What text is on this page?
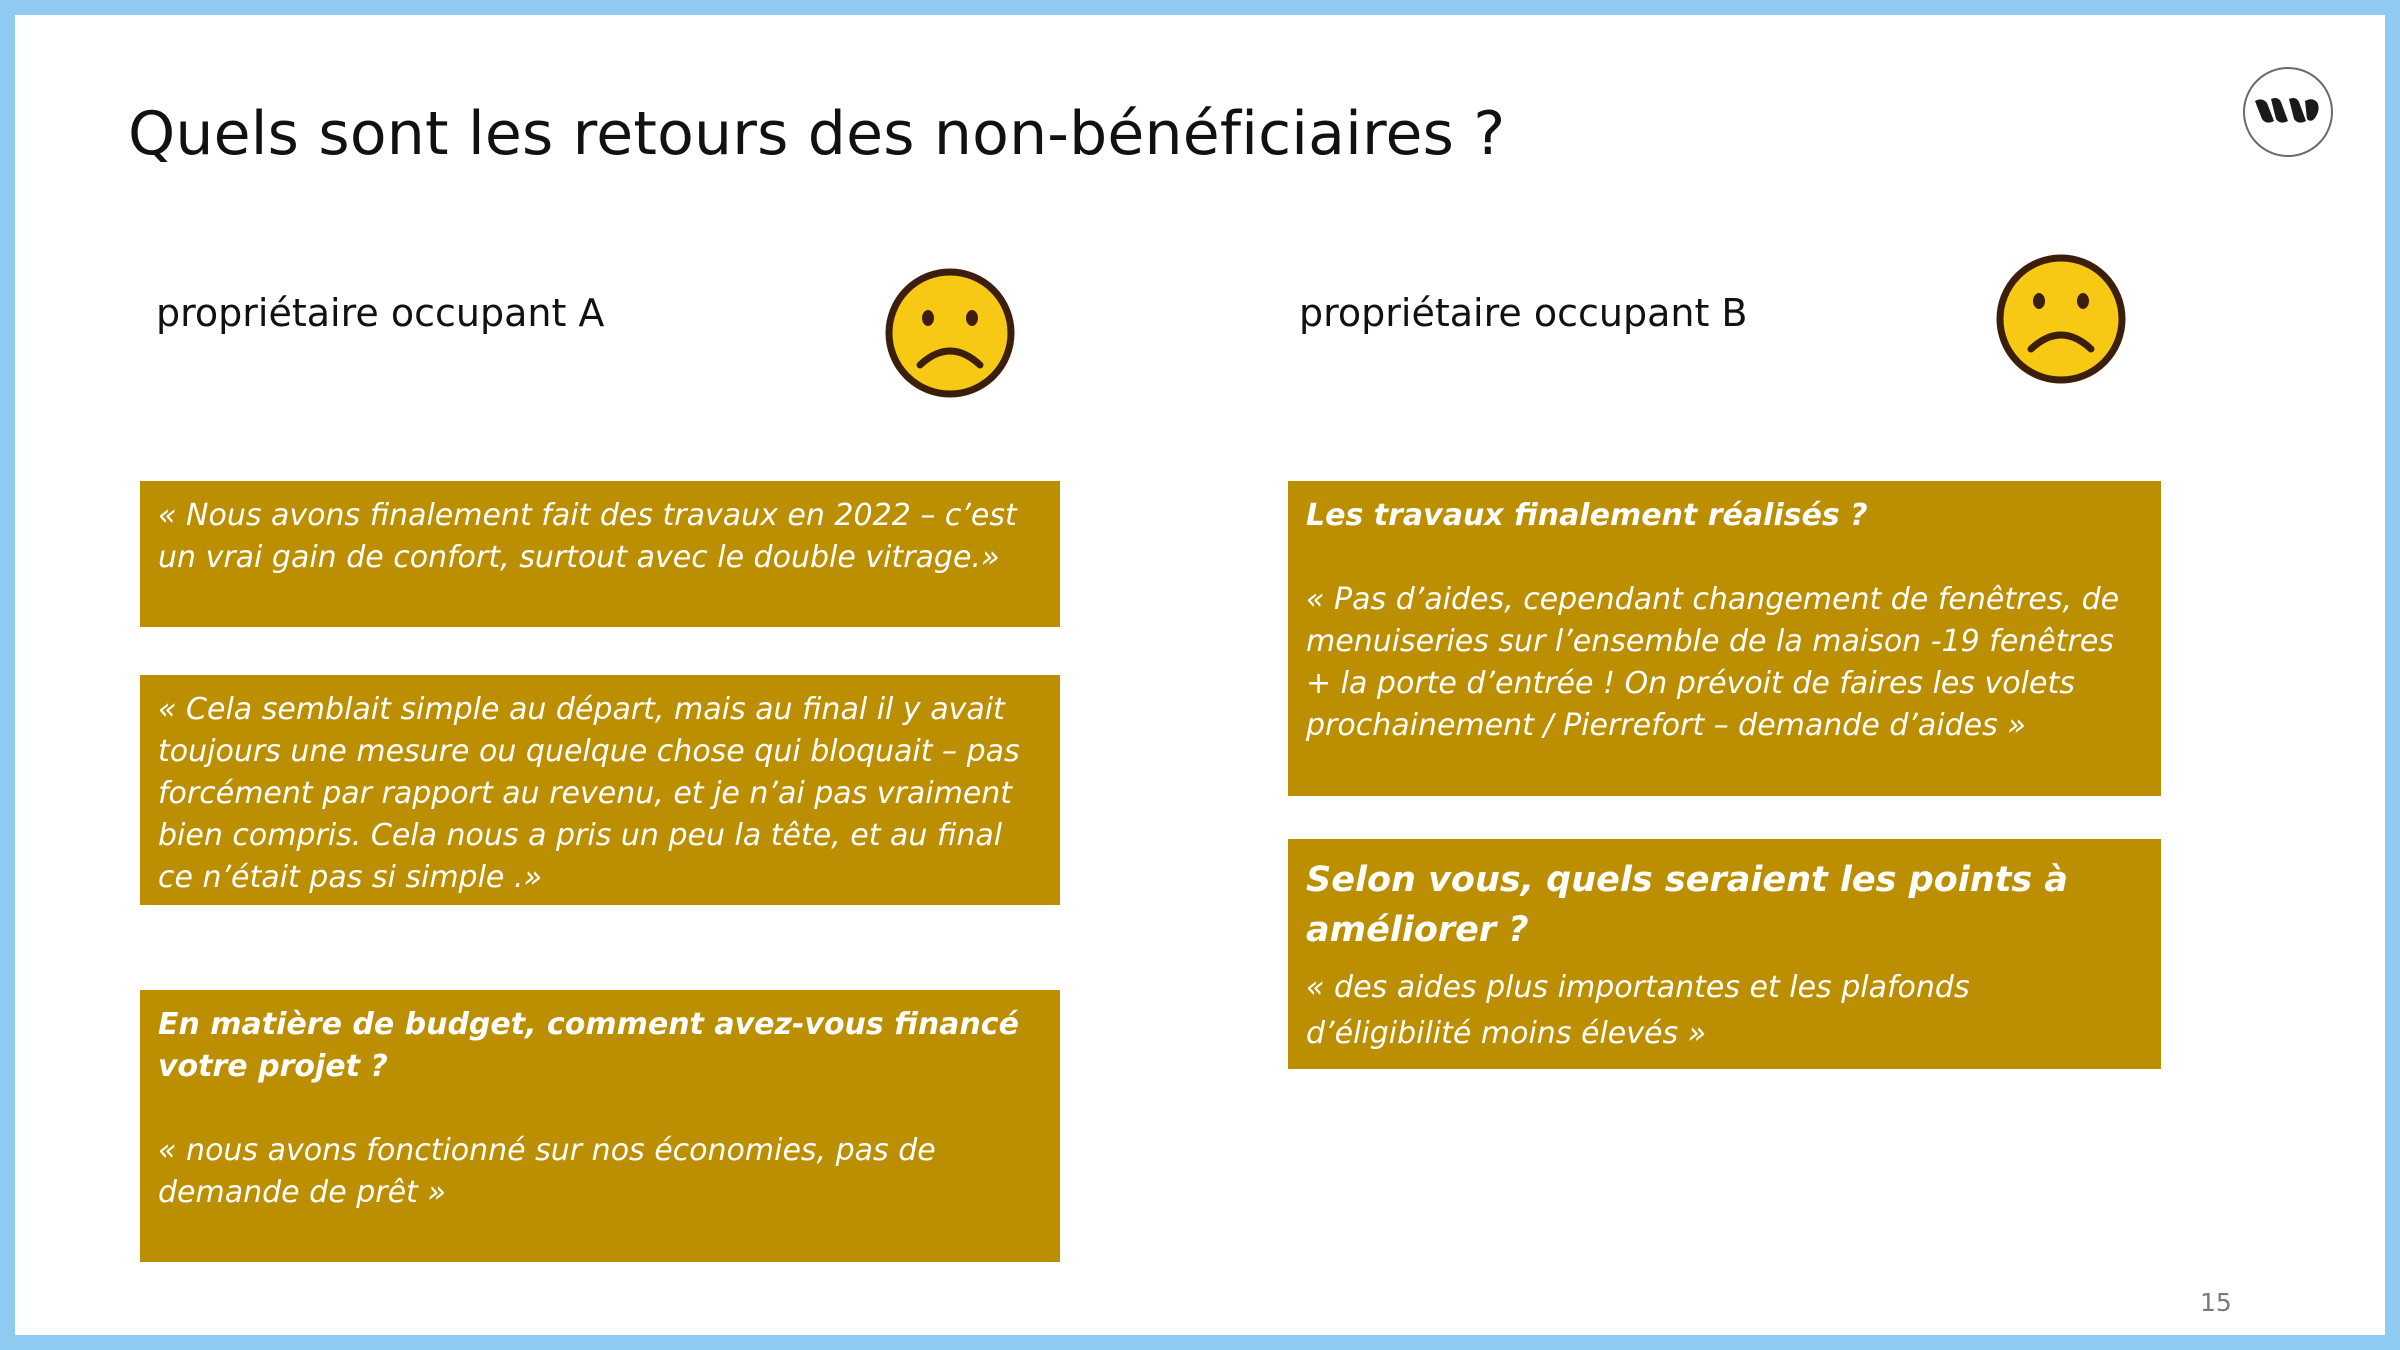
Quels sont les retours des non-bénéficiaires ?

propriétaire occupant A

« Nous avons finalement fait des travaux en 2022 – c’est un vrai gain de confort, surtout avec le double vitrage.»

« Cela semblait simple au départ, mais au final il y avait toujours une mesure ou quelque chose qui bloquait – pas forcément par rapport au revenu, et je n’ai pas vraiment bien compris. Cela nous a pris un peu la tête, et au final ce n’était pas si simple .»

En matière de budget, comment avez-vous financé votre projet ?

« nous avons fonctionné sur nos économies, pas de demande de prêt »

propriétaire occupant B

Les travaux finalement réalisés ?

« Pas d’aides, cependant changement de fenêtres, de menuiseries sur l’ensemble de la maison -19 fenêtres + la porte d’entrée ! On prévoit de faires les volets prochainement / Pierrefort – demande d’aides »

Selon vous, quels seraient les points à améliorer ?

« des aides plus importantes et les plafonds d’éligibilité moins élevés »

15
